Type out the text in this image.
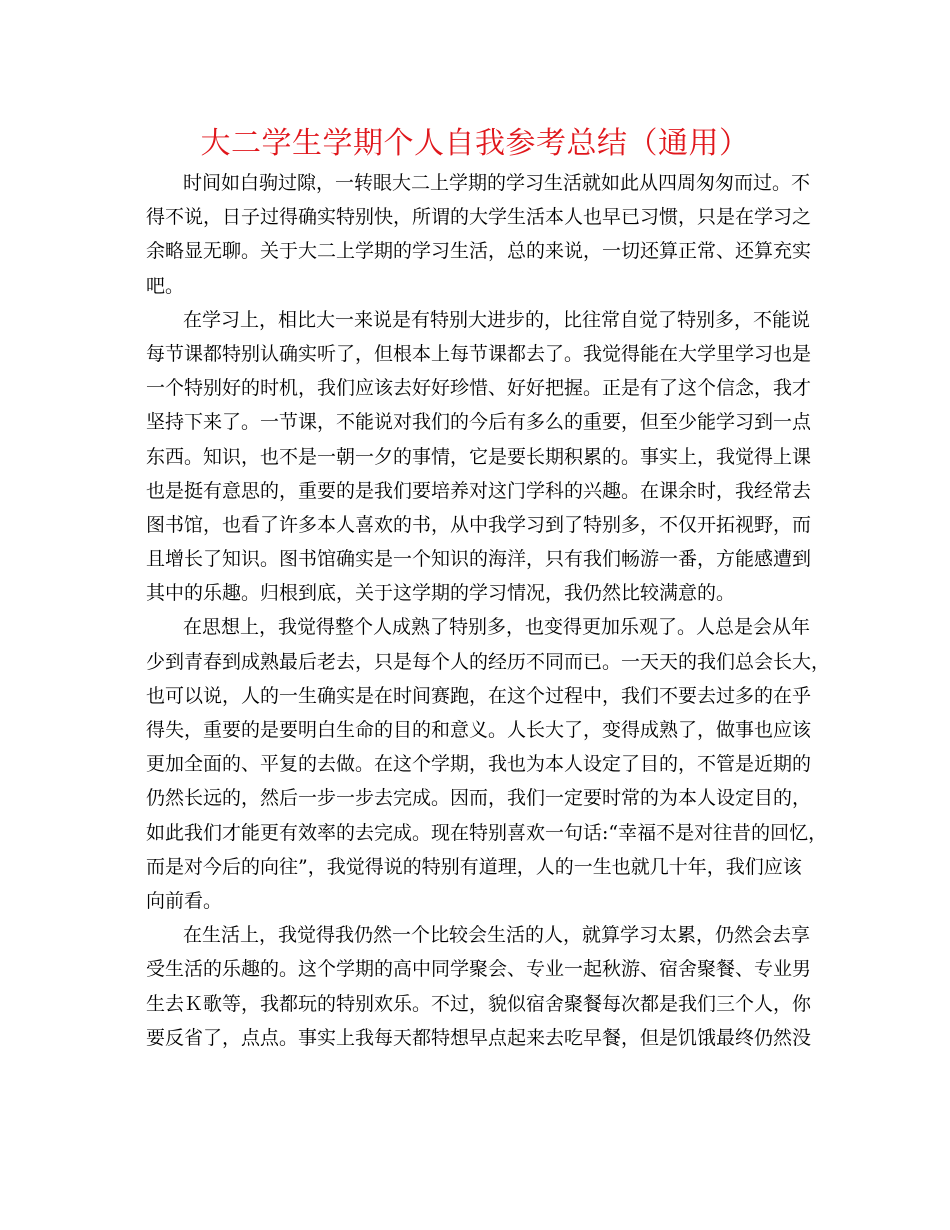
大二学生学期个人自我参考总结（通用）
时间如白驹过隙，一转眼大二上学期的学习生活就如此从四周匆匆而过。不
得不说，日子过得确实特别快，所谓的大学生活本人也早已习惯，只是在学习之
余略显无聊。关于大二上学期的学习生活，总的来说，一切还算正常、还算充实
吧。
在学习上，相比大一来说是有特别大进步的，比往常自觉了特别多，不能说
每节课都特别认确实听了，但根本上每节课都去了。我觉得能在大学里学习也是
一个特别好的时机，我们应该去好好珍惜、好好把握。正是有了这个信念，我才
坚持下来了。一节课，不能说对我们的今后有多么的重要，但至少能学习到一点
东西。知识，也不是一朝一夕的事情，它是要长期积累的。事实上，我觉得上课
也是挺有意思的，重要的是我们要培养对这门学科的兴趣。在课余时，我经常去
图书馆，也看了许多本人喜欢的书，从中我学习到了特别多，不仅开拓视野，而
且增长了知识。图书馆确实是一个知识的海洋，只有我们畅游一番，方能感遭到
其中的乐趣。归根到底，关于这学期的学习情况，我仍然比较满意的。
在思想上，我觉得整个人成熟了特别多，也变得更加乐观了。人总是会从年
少到青春到成熟最后老去，只是每个人的经历不同而已。一天天的我们总会长大，
也可以说，人的一生确实是在时间赛跑，在这个过程中，我们不要去过多的在乎
得失，重要的是要明白生命的目的和意义。人长大了，变得成熟了，做事也应该
更加全面的、平复的去做。在这个学期，我也为本人设定了目的，不管是近期的
仍然长远的，然后一步一步去完成。因而，我们一定要时常的为本人设定目的，
如此我们才能更有效率的去完成。现在特别喜欢一句话:“幸福不是对往昔的回忆，
而是对今后的向往”，我觉得说的特别有道理，人的一生也就几十年，我们应该
向前看。
在生活上，我觉得我仍然一个比较会生活的人，就算学习太累，仍然会去享
受生活的乐趣的。这个学期的高中同学聚会、专业一起秋游、宿舍聚餐、专业男
生去Ｋ歌等，我都玩的特别欢乐。不过，貌似宿舍聚餐每次都是我们三个人，你
要反省了，点点。事实上我每天都特想早点起来去吃早餐，但是饥饿最终仍然没
